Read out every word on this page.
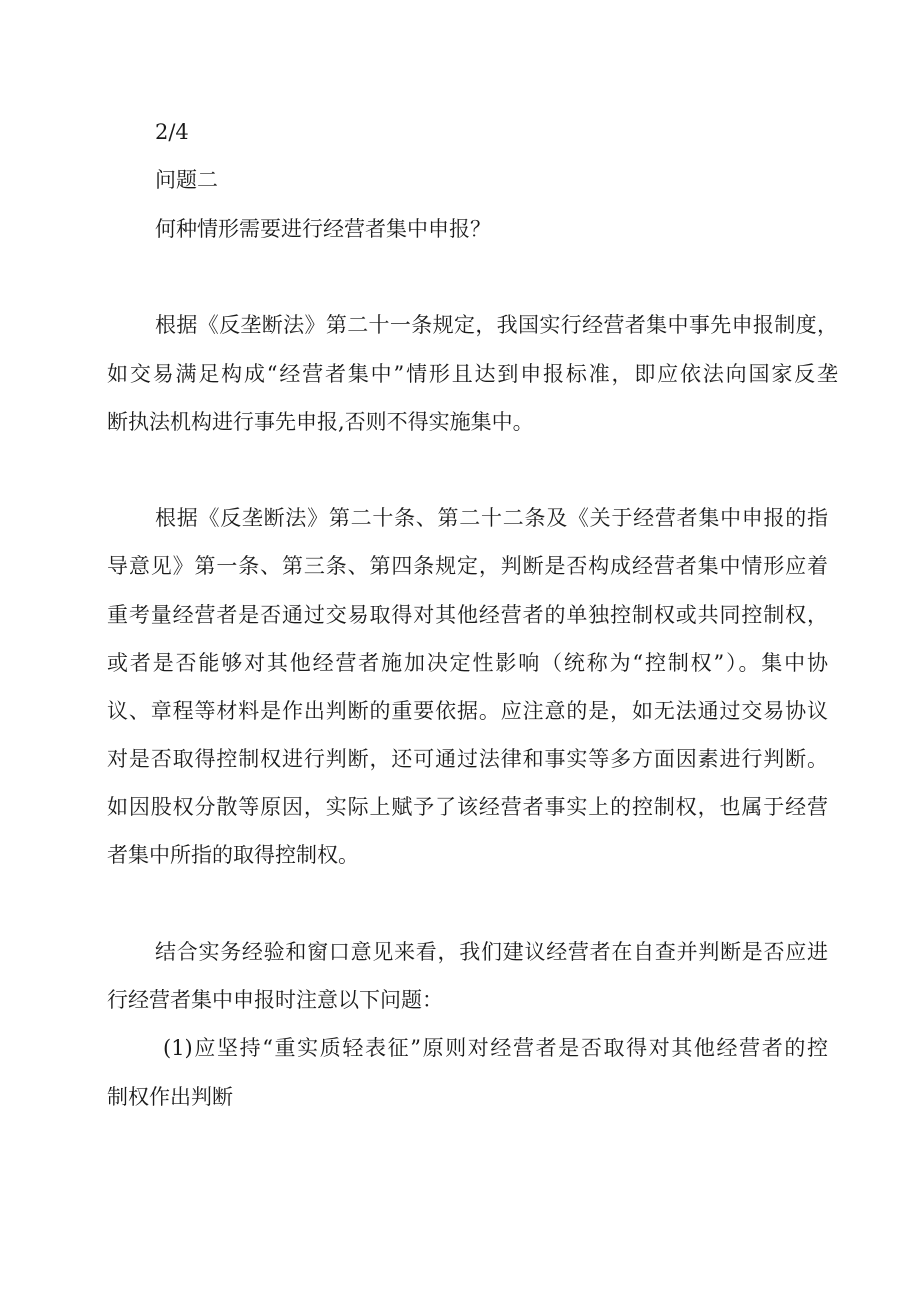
2/4
问题二
何种情形需要进行经营者集中申报？
根据《反垄断法》第二十一条规定，我国实行经营者集中事先申报制度，
如交易满足构成“经营者集中”情形且达到申报标准，即应依法向国家反垄
断执法机构进行事先申报,否则不得实施集中。
根据《反垄断法》第二十条、第二十二条及《关于经营者集中申报的指
导意见》第一条、第三条、第四条规定，判断是否构成经营者集中情形应着
重考量经营者是否通过交易取得对其他经营者的单独控制权或共同控制权，
或者是否能够对其他经营者施加决定性影响（统称为“控制权”）。集中协
议、章程等材料是作出判断的重要依据。应注意的是，如无法通过交易协议
对是否取得控制权进行判断，还可通过法律和事实等多方面因素进行判断。
如因股权分散等原因，实际上赋予了该经营者事实上的控制权，也属于经营
者集中所指的取得控制权。
结合实务经验和窗口意见来看，我们建议经营者在自查并判断是否应进
行经营者集中申报时注意以下问题：
(1)应坚持“重实质轻表征”原则对经营者是否取得对其他经营者的控
制权作出判断
